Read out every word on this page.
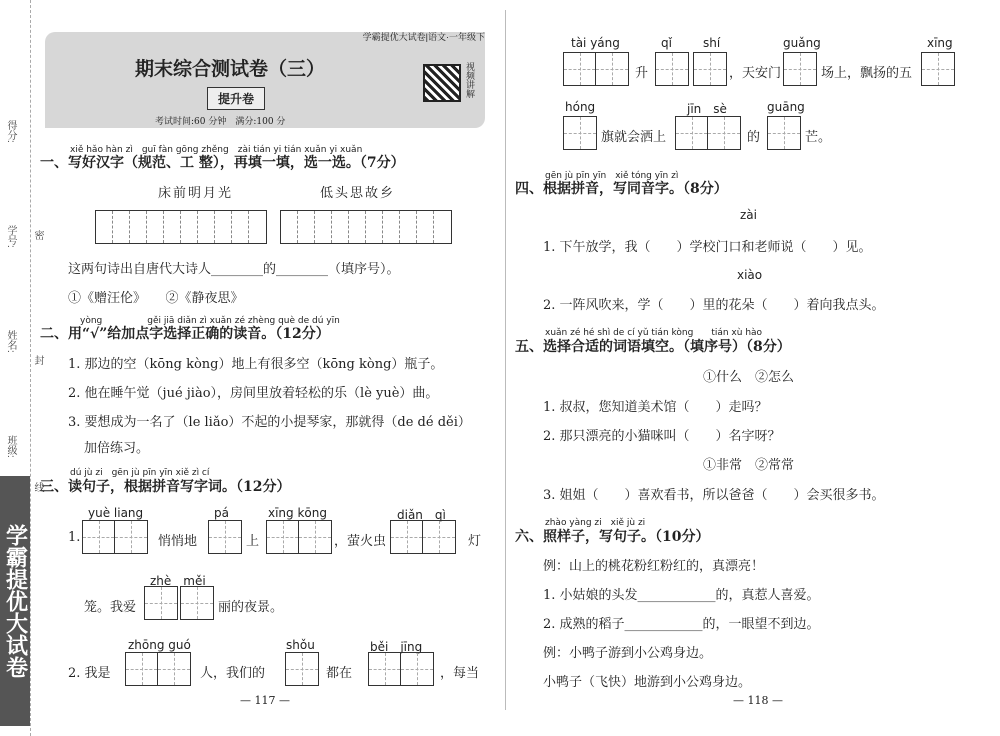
得分:
学号:
姓名:
班级:
密
封
线
学霸提优大试卷
学霸提优大试卷|语文·一年级下
期末综合测试卷（三）
提升卷
考试时间:60 分钟　满分:100 分
视频讲解
xiě hǎo hàn zì　guī fàn gōng zhěng　zài tián yi tián xuǎn yi xuǎn
一、写好汉字（规范、工 整），再填一填，选一选。（7分）
床前明月光	低头思故乡
这两句诗出自唐代大诗人________的________（填序号）。
①《赠汪伦》　　②《静夜思》
yòng　　　　　gěi jiā diǎn zì xuǎn zé zhèng què de dú yīn
二、用“√”给加点字选择正确的读音。（12分）
1. 那边的空（kōng kòng）地上有很多空（kōng kòng）瓶子。
2. 他在睡午觉（jué jiào），房间里放着轻松的乐（lè yuè）曲。
3. 要想成为一名了（le liǎo）不起的小提琴家，那就得（de dé děi）
加倍练习。
dú jù zi　gēn jù pīn yīn xiě zì cí
三、读句子，根据拼音写字词。（12分）
yuè liang	pá	xīng kōng	diǎn　qì
1.	悄悄地	上	，萤火虫	灯
zhè　měi
笼。我爱	丽的夜景。
zhōng guó	shǒu	běi　jīng
2. 我是	人，我们的	都在	，每当
— 117 —
tài yáng	qǐ	shí	guǎng	xīng
升	，天安门	场上，飘扬的五
hóng	jīn　sè	guāng
旗就会洒上	的	芒。
gēn jù pīn yīn　xiě tóng yīn zì
四、根据拼音，写同音字。（8分）
zài
1. 下午放学，我（　　）学校门口和老师说（　　）见。
xiào
2. 一阵风吹来，学（　　）里的花朵（　　）着向我点头。
xuǎn zé hé shì de cí yǔ tián kòng　　tián xù hào
五、选择合适的词语填空。（填序号）（8分）
①什么　②怎么
1. 叔叔，您知道美术馆（　　）走吗？
2. 那只漂亮的小猫咪叫（　　）名字呀？
①非常　②常常
3. 姐姐（　　）喜欢看书，所以爸爸（　　）会买很多书。
zhào yàng zi　xiě jù zi
六、照样子，写句子。（10分）
例：山上的桃花粉红粉红的，真漂亮！
1. 小姑娘的头发____________的，真惹人喜爱。
2. 成熟的稻子____________的，一眼望不到边。
例：小鸭子游到小公鸡身边。
小鸭子（飞快）地游到小公鸡身边。
— 118 —
